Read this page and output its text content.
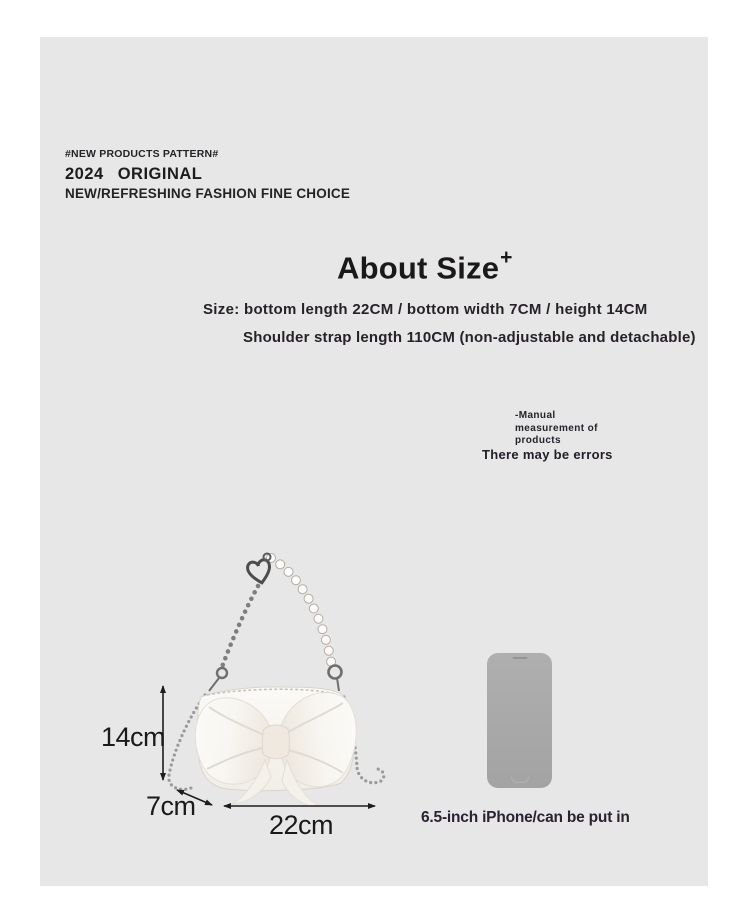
#NEW PRODUCTS PATTERN#
2024 ORIGINAL
NEW/REFRESHING FASHION FINE CHOICE
About Size+
Size: bottom length 22CM / bottom width 7CM / height 14CM
Shoulder strap length 110CM (non-adjustable and detachable)
-Manual
measurement of
products
There may be errors
14cm
7cm
22cm	6.5-inch iPhone/can be put in
